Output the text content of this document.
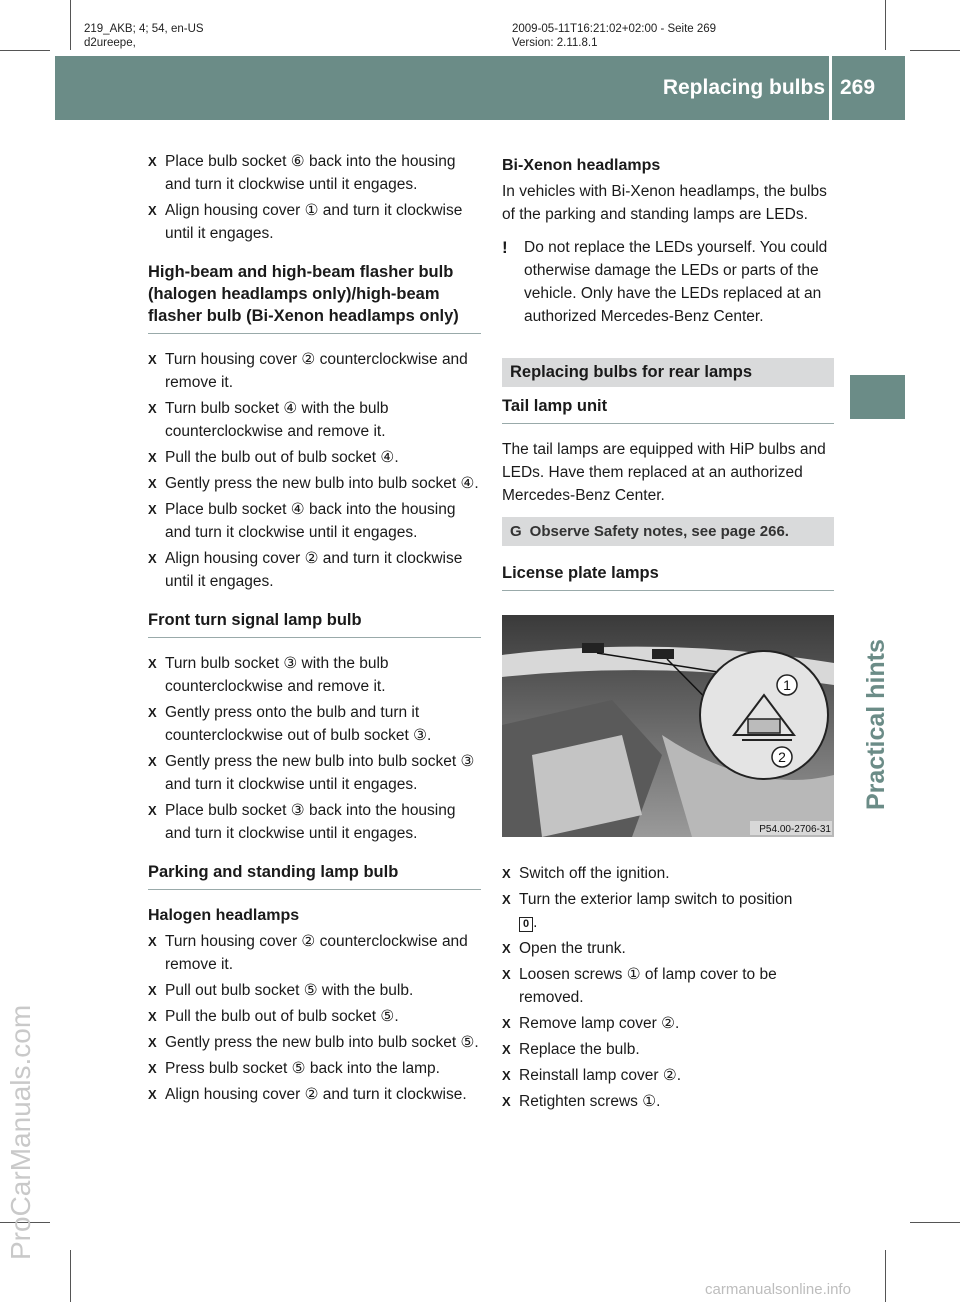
219_AKB; 4; 54, en-US
d2ureepe,
2009-05-11T16:21:02+02:00 - Seite 269
Version: 2.11.8.1
Replacing bulbs 269
Practical hints
ProCarManuals.com
carmanualsonline.info
X Place bulb socket ⑥ back into the housing and turn it clockwise until it engages.
X Align housing cover ① and turn it clockwise until it engages.
High-beam and high-beam flasher bulb (halogen headlamps only)/high-beam flasher bulb (Bi-Xenon headlamps only)
X Turn housing cover ② counterclockwise and remove it.
X Turn bulb socket ④ with the bulb counterclockwise and remove it.
X Pull the bulb out of bulb socket ④.
X Gently press the new bulb into bulb socket ④.
X Place bulb socket ④ back into the housing and turn it clockwise until it engages.
X Align housing cover ② and turn it clockwise until it engages.
Front turn signal lamp bulb
X Turn bulb socket ③ with the bulb counterclockwise and remove it.
X Gently press onto the bulb and turn it counterclockwise out of bulb socket ③.
X Gently press the new bulb into bulb socket ③ and turn it clockwise until it engages.
X Place bulb socket ③ back into the housing and turn it clockwise until it engages.
Parking and standing lamp bulb
Halogen headlamps
X Turn housing cover ② counterclockwise and remove it.
X Pull out bulb socket ⑤ with the bulb.
X Pull the bulb out of bulb socket ⑤.
X Gently press the new bulb into bulb socket ⑤.
X Press bulb socket ⑤ back into the lamp.
X Align housing cover ② and turn it clockwise.
Bi-Xenon headlamps
In vehicles with Bi-Xenon headlamps, the bulbs of the parking and standing lamps are LEDs.
! Do not replace the LEDs yourself. You could otherwise damage the LEDs or parts of the vehicle. Only have the LEDs replaced at an authorized Mercedes-Benz Center.
Replacing bulbs for rear lamps
Tail lamp unit
The tail lamps are equipped with HiP bulbs and LEDs. Have them replaced at an authorized Mercedes-Benz Center.
G Observe Safety notes, see page 266.
License plate lamps
1
2
P54.00-2706-31
X Switch off the ignition.
X Turn the exterior lamp switch to position
0 .
X Open the trunk.
X Loosen screws ① of lamp cover to be removed.
X Remove lamp cover ②.
X Replace the bulb.
X Reinstall lamp cover ②.
X Retighten screws ①.
